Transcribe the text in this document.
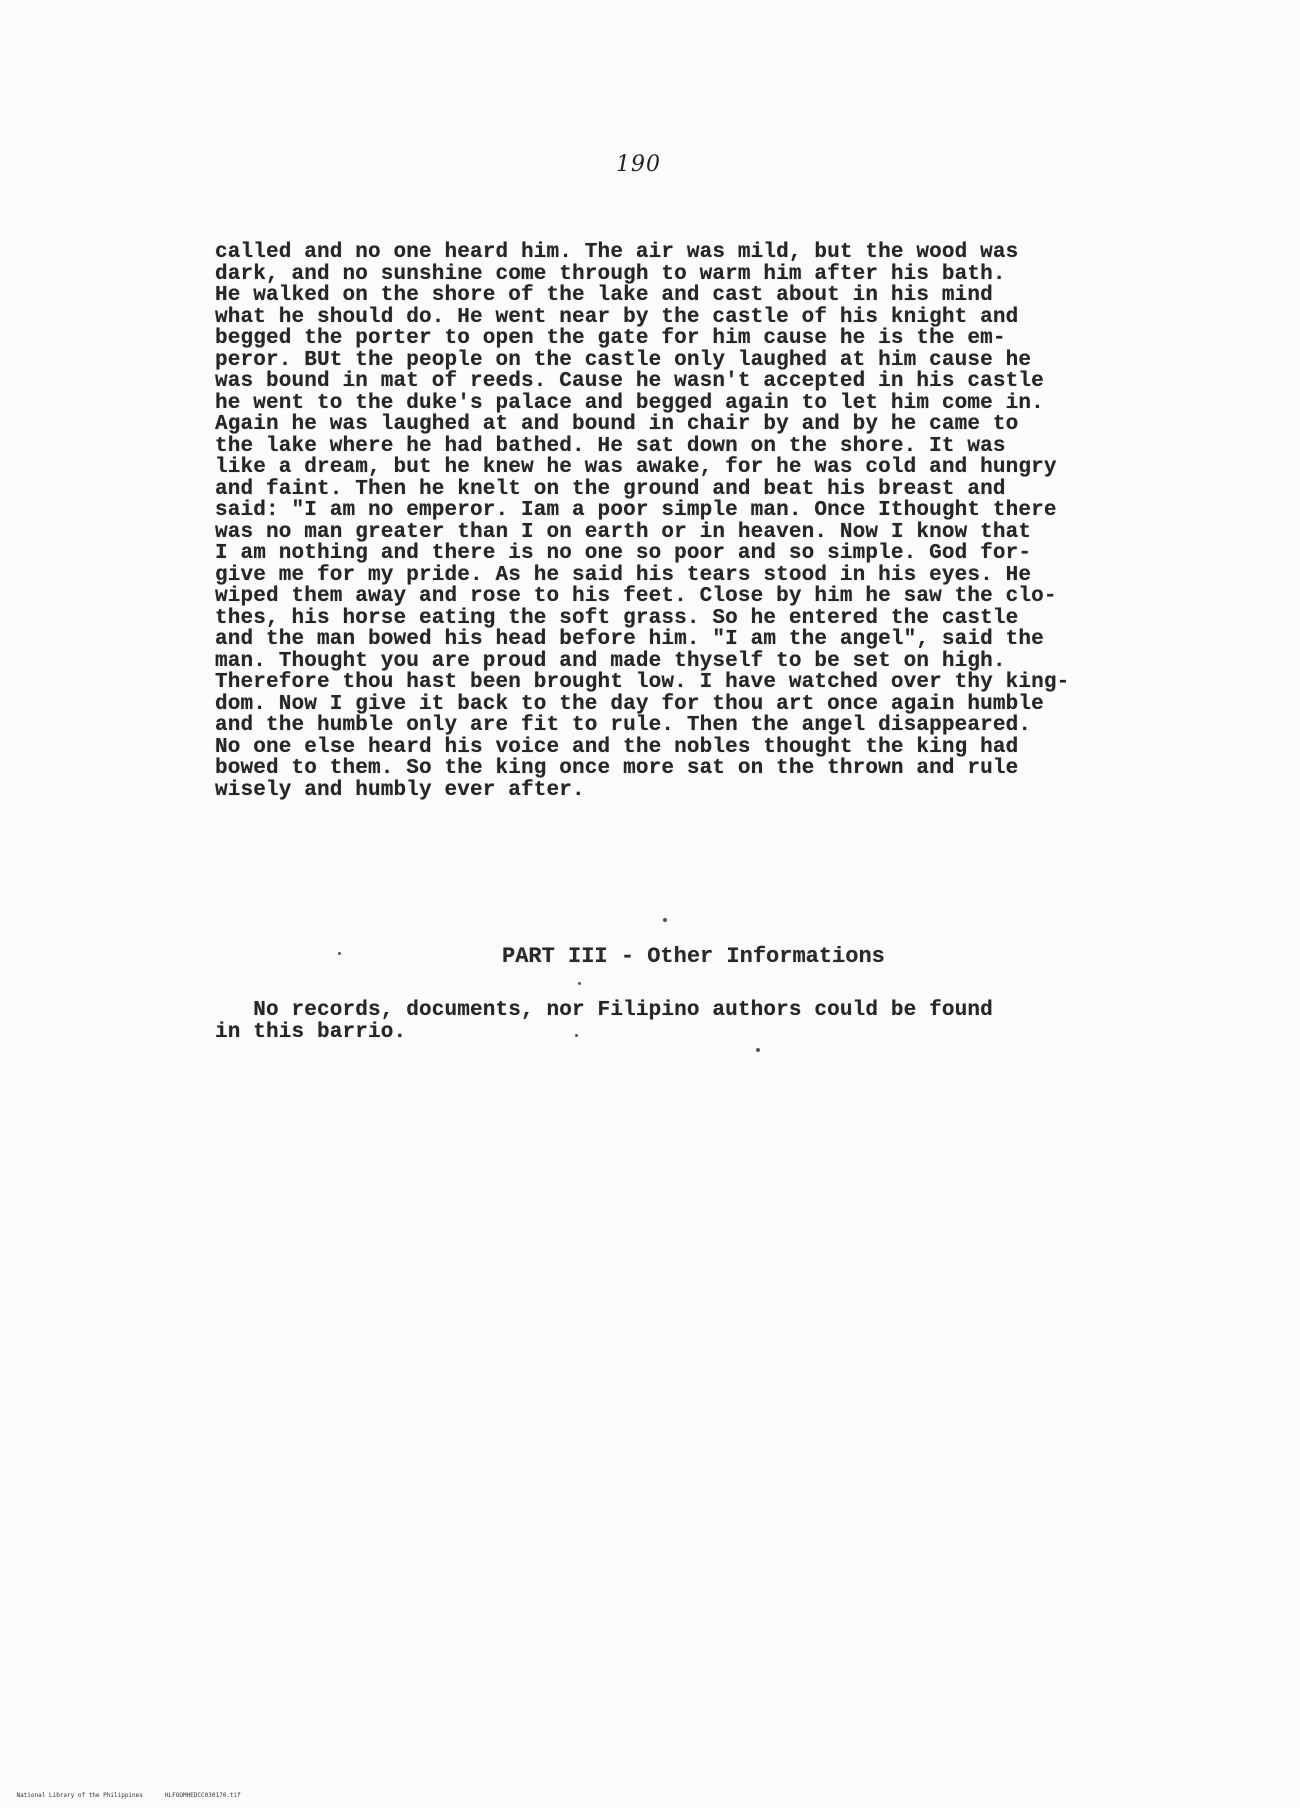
190
called and no one heard him. The air was mild, but the wood was
dark, and no sunshine come through to warm him after his bath.
He walked on the shore of the lake and cast about in his mind
what he should do. He went near by the castle of his knight and
begged the porter to open the gate for him cause he is the em-
peror. BUt the people on the castle only laughed at him cause he
was bound in mat of reeds. Cause he wasn't accepted in his castle
he went to the duke's palace and begged again to let him come in.
Again he was laughed at and bound in chair by and by he came to
the lake where he had bathed. He sat down on the shore. It was
like a dream, but he knew he was awake, for he was cold and hungry
and faint. Then he knelt on the ground and beat his breast and
said: "I am no emperor. Iam a poor simple man. Once Ithought there
was no man greater than I on earth or in heaven. Now I know that
I am nothing and there is no one so poor and so simple. God for-
give me for my pride. As he said his tears stood in his eyes. He
wiped them away and rose to his feet. Close by him he saw the clo-
thes, his horse eating the soft grass. So he entered the castle
and the man bowed his head before him. "I am the angel", said the
man. Thought you are proud and made thyself to be set on high.
Therefore thou hast been brought low. I have watched over thy king-
dom. Now I give it back to the day for thou art once again humble
and the humble only are fit to rule. Then the angel disappeared.
No one else heard his voice and the nobles thought the king had
bowed to them. So the king once more sat on the thrown and rule
wisely and humbly ever after.
PART III - Other Informations
No records, documents, nor Filipino authors could be found
in this barrio.

National Library of the Philippines	HLFOOMHEDCC030170.tif
